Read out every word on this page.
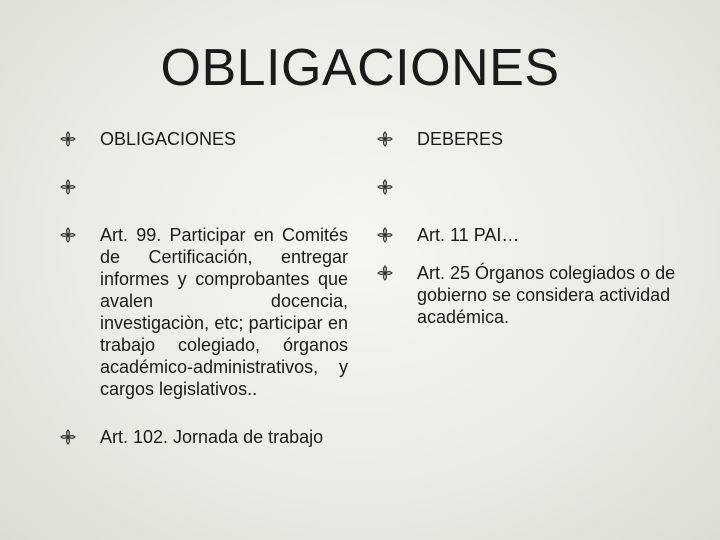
OBLIGACIONES
OBLIGACIONES
Art. 99. Participar en Comités de Certificación, entregar informes y comprobantes que avalen docencia, investigaciòn, etc; participar en trabajo colegiado, órganos académico-administrativos, y cargos legislativos..
Art. 102. Jornada de trabajo
DEBERES
Art. 11 PAI…
Art. 25 Órganos colegiados o de gobierno se considera actividad académica.
